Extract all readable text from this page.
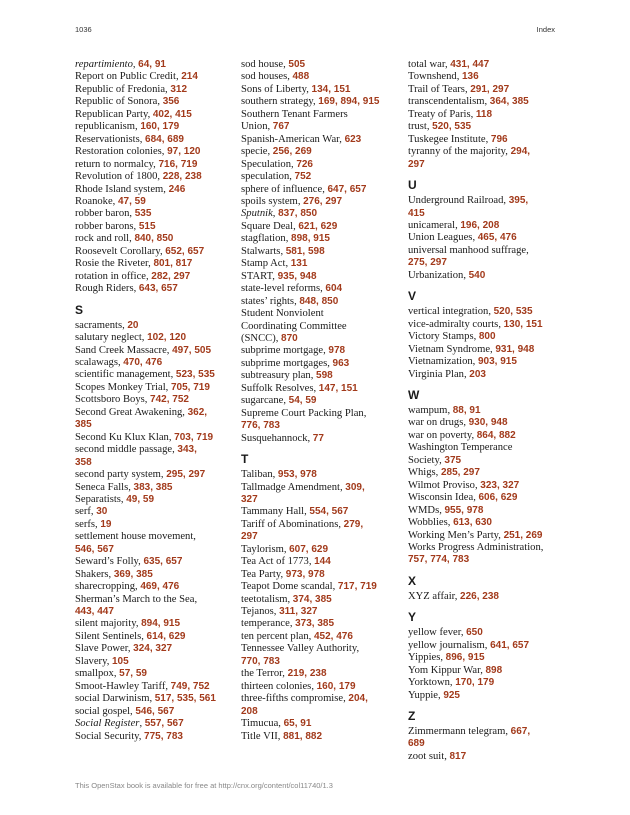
1036	Index
repartimiento, 64, 91
Report on Public Credit, 214
Republic of Fredonia, 312
Republic of Sonora, 356
Republican Party, 402, 415
republicanism, 160, 179
Reservationists, 684, 689
Restoration colonies, 97, 120
return to normalcy, 716, 719
Revolution of 1800, 228, 238
Rhode Island system, 246
Roanoke, 47, 59
robber baron, 535
robber barons, 515
rock and roll, 840, 850
Roosevelt Corollary, 652, 657
Rosie the Riveter, 801, 817
rotation in office, 282, 297
Rough Riders, 643, 657
S
sacraments, 20
salutary neglect, 102, 120
Sand Creek Massacre, 497, 505
scalawags, 470, 476
scientific management, 523, 535
Scopes Monkey Trial, 705, 719
Scottsboro Boys, 742, 752
Second Great Awakening, 362,
385
Second Ku Klux Klan, 703, 719
second middle passage, 343,
358
second party system, 295, 297
Seneca Falls, 383, 385
Separatists, 49, 59
serf, 30
serfs, 19
settlement house movement,
546, 567
Seward’s Folly, 635, 657
Shakers, 369, 385
sharecropping, 469, 476
Sherman’s March to the Sea,
443, 447
silent majority, 894, 915
Silent Sentinels, 614, 629
Slave Power, 324, 327
Slavery, 105
smallpox, 57, 59
Smoot-Hawley Tariff, 749, 752
social Darwinism, 517, 535, 561
social gospel, 546, 567
Social Register, 557, 567
Social Security, 775, 783
sod house, 505
sod houses, 488
Sons of Liberty, 134, 151
southern strategy, 169, 894, 915
Southern Tenant Farmers
Union, 767
Spanish-American War, 623
specie, 256, 269
Speculation, 726
speculation, 752
sphere of influence, 647, 657
spoils system, 276, 297
Sputnik, 837, 850
Square Deal, 621, 629
stagflation, 898, 915
Stalwarts, 581, 598
Stamp Act, 131
START, 935, 948
state-level reforms, 604
states’ rights, 848, 850
Student Nonviolent
Coordinating Committee
(SNCC), 870
subprime mortgage, 978
subprime mortgages, 963
subtreasury plan, 598
Suffolk Resolves, 147, 151
sugarcane, 54, 59
Supreme Court Packing Plan,
776, 783
Susquehannock, 77
T
Taliban, 953, 978
Tallmadge Amendment, 309,
327
Tammany Hall, 554, 567
Tariff of Abominations, 279,
297
Taylorism, 607, 629
Tea Act of 1773, 144
Tea Party, 973, 978
Teapot Dome scandal, 717, 719
teetotalism, 374, 385
Tejanos, 311, 327
temperance, 373, 385
ten percent plan, 452, 476
Tennessee Valley Authority,
770, 783
the Terror, 219, 238
thirteen colonies, 160, 179
three-fifths compromise, 204,
208
Timucua, 65, 91
Title VII, 881, 882
total war, 431, 447
Townshend, 136
Trail of Tears, 291, 297
transcendentalism, 364, 385
Treaty of Paris, 118
trust, 520, 535
Tuskegee Institute, 796
tyranny of the majority, 294,
297
U
Underground Railroad, 395,
415
unicameral, 196, 208
Union Leagues, 465, 476
universal manhood suffrage,
275, 297
Urbanization, 540
V
vertical integration, 520, 535
vice-admiralty courts, 130, 151
Victory Stamps, 800
Vietnam Syndrome, 931, 948
Vietnamization, 903, 915
Virginia Plan, 203
W
wampum, 88, 91
war on drugs, 930, 948
war on poverty, 864, 882
Washington Temperance
Society, 375
Whigs, 285, 297
Wilmot Proviso, 323, 327
Wisconsin Idea, 606, 629
WMDs, 955, 978
Wobblies, 613, 630
Working Men’s Party, 251, 269
Works Progress Administration,
757, 774, 783
X
XYZ affair, 226, 238
Y
yellow fever, 650
yellow journalism, 641, 657
Yippies, 896, 915
Yom Kippur War, 898
Yorktown, 170, 179
Yuppie, 925
Z
Zimmermann telegram, 667,
689
zoot suit, 817
This OpenStax book is available for free at http://cnx.org/content/col11740/1.3
